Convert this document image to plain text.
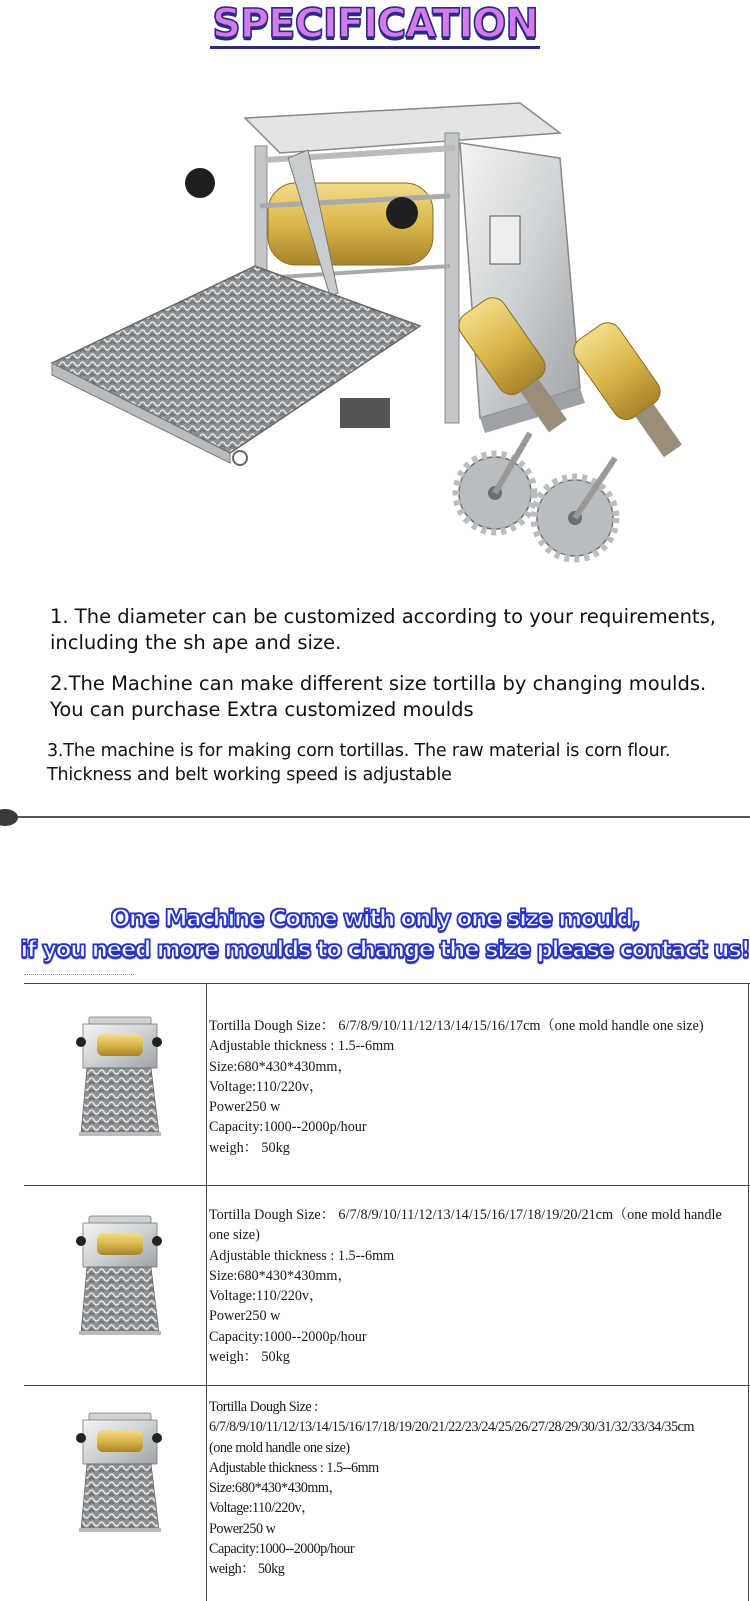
SPECIFICATION

1. The diameter can be customized according to your requirements, including the sh ape and size.

2.The Machine can make different size tortilla by changing moulds. You can purchase Extra customized moulds

3.The machine is for making corn tortillas. The raw material is corn flour. Thickness and belt working speed is adjustable

One Machine Come with only one size mould,
if you need more moulds to change the size please contact us!
Tortilla Dough Size： 6/7/8/9/10/11/12/13/14/15/16/17cm（one mold handle one size)
Adjustable thickness : 1.5--6mm
Size:680*430*430mm，
Voltage:110/220v，
Power250 w
Capacity:1000--2000p/hour
weigh： 50kg
Tortilla Dough Size： 6/7/8/9/10/11/12/13/14/15/16/17/18/19/20/21cm（one mold handle one size)
Adjustable thickness : 1.5--6mm
Size:680*430*430mm，
Voltage:110/220v，
Power250 w
Capacity:1000--2000p/hour
weigh： 50kg
Tortilla Dough Size :
6/7/8/9/10/11/12/13/14/15/16/17/18/19/20/21/22/23/24/25/26/27/28/29/30/31/32/33/34/35cm
(one mold handle one size)
Adjustable thickness : 1.5--6mm
Size:680*430*430mm，
Voltage:110/220v，
Power250 w
Capacity:1000--2000p/hour
weigh： 50kg
